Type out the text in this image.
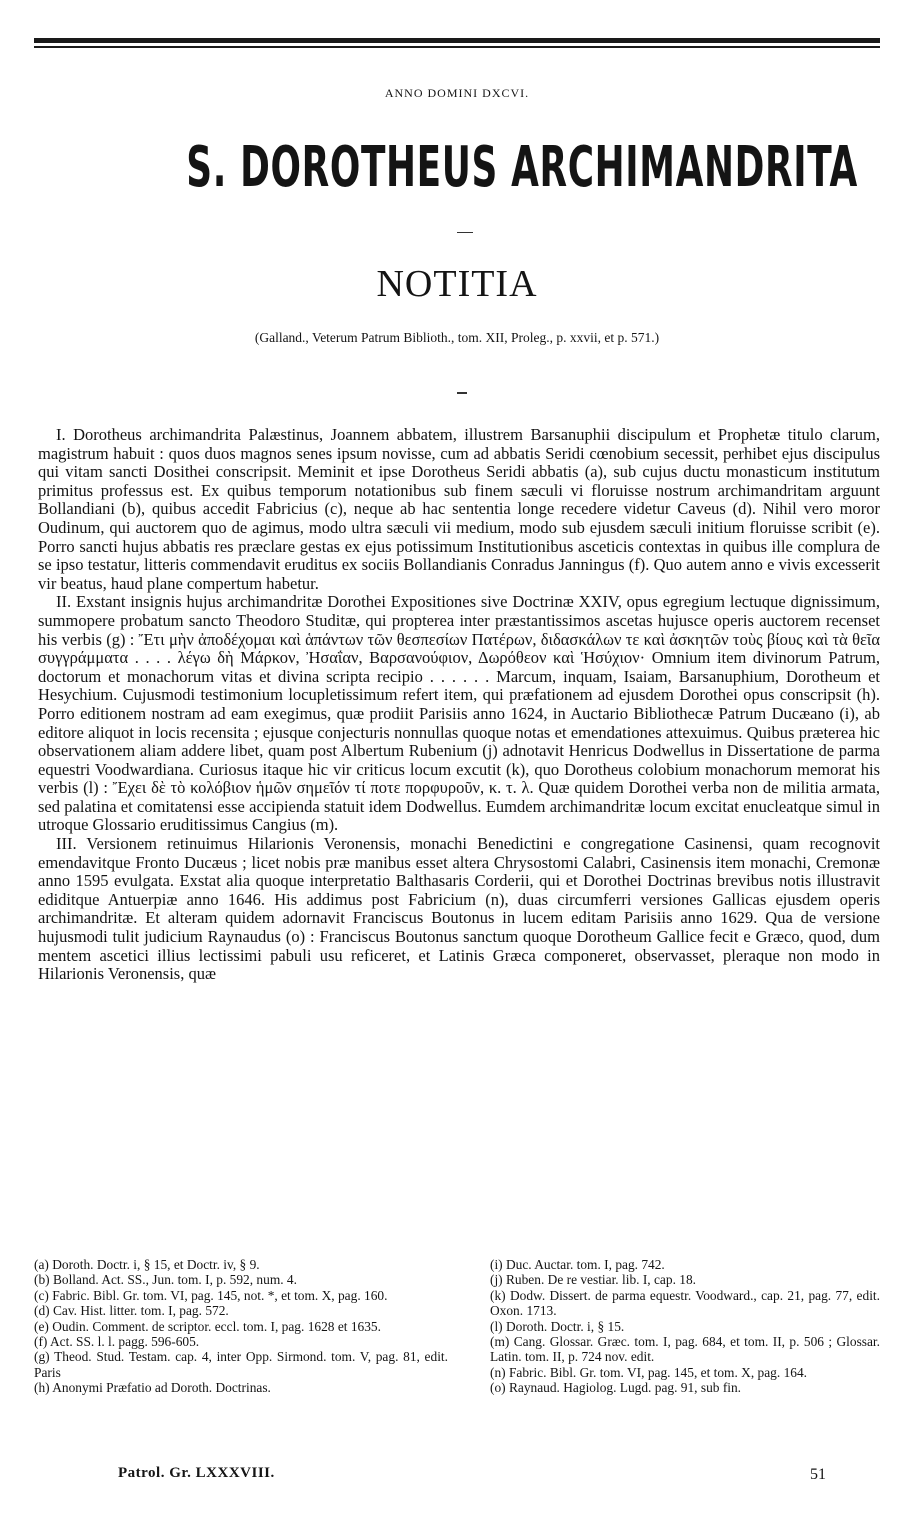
ANNO DOMINI DXCVI.
S. DOROTHEUS ARCHIMANDRITA
NOTITIA
(Galland., Veterum Patrum Biblioth., tom. XII, Proleg., p. xxvii, et p. 571.)

I. Dorotheus archimandrita Palæstinus, Joannem abbatem, illustrem Barsanuphii discipulum et Prophetæ titulo clarum, magistrum habuit : quos duos magnos senes ipsum novisse, cum ad abbatis Seridi cœnobium secessit, perhibet ejus discipulus qui vitam sancti Dosithei conscripsit. Meminit et ipse Dorotheus Seridi abbatis (a), sub cujus ductu monasticum institutum primitus professus est. Ex quibus temporum notationibus sub finem sæculi vi floruisse nostrum archimandritam arguunt Bollandiani (b), quibus accedit Fabricius (c), neque ab hac sententia longe recedere videtur Caveus (d). Nihil vero moror Oudinum, qui auctorem quo de agimus, modo ultra sæculi vii medium, modo sub ejusdem sæculi initium floruisse scribit (e). Porro sancti hujus abbatis res præclare gestas ex ejus potissimum Institutionibus asceticis contextas in quibus ille complura de se ipso testatur, litteris commendavit eruditus ex sociis Bollandianis Conradus Janningus (f). Quo autem anno e vivis excesserit vir beatus, haud plane compertum habetur.

II. Exstant insignis hujus archimandritæ Dorothei Expositiones sive Doctrinæ XXIV, opus egregium lectuque dignissimum, summopere probatum sancto Theodoro Studitæ, qui propterea inter præstantissimos ascetas hujusce operis auctorem recenset his verbis (g) : Ἔτι μὴν ἀποδέχομαι καὶ ἁπάντων τῶν θεσπεσίων Πατέρων, διδασκάλων τε καὶ ἀσκητῶν τοὺς βίους καὶ τὰ θεῖα συγγράμματα . . . . λέγω δὴ Μάρκον, Ἠσαΐαν, Βαρσανούφιον, Δωρόθεον καὶ Ἡσύχιον· Omnium item divinorum Patrum, doctorum et monachorum vitas et divina scripta recipio . . . . . . Marcum, inquam, Isaiam, Barsanuphium, Dorotheum et Hesychium. Cujusmodi testimonium locupletissimum refert item, qui præfationem ad ejusdem Dorothei opus conscripsit (h). Porro editionem nostram ad eam exegimus, quæ prodiit Parisiis anno 1624, in Auctario Bibliothecæ Patrum Ducæano (i), ab editore aliquot in locis recensita ; ejusque conjecturis nonnullas quoque notas et emendationes attexuimus. Quibus præterea hic observationem aliam addere libet, quam post Albertum Rubenium (j) adnotavit Henricus Dodwellus in Dissertatione de parma equestri Voodwardiana. Curiosus itaque hic vir criticus locum excutit (k), quo Dorotheus colobium monachorum memorat his verbis (l) : Ἔχει δὲ τὸ κολόβιον ἡμῶν σημεῖόν τί ποτε πορφυροῦν, κ. τ. λ. Quæ quidem Dorothei verba non de militia armata, sed palatina et comitatensi esse accipienda statuit idem Dodwellus. Eumdem archimandritæ locum excitat enucleatque simul in utroque Glossario eruditissimus Cangius (m).

III. Versionem retinuimus Hilarionis Veronensis, monachi Benedictini e congregatione Casinensi, quam recognovit emendavitque Fronto Ducæus ; licet nobis præ manibus esset altera Chrysostomi Calabri, Casinensis item monachi, Cremonæ anno 1595 evulgata. Exstat alia quoque interpretatio Balthasaris Corderii, qui et Dorothei Doctrinas brevibus notis illustravit ediditque Antuerpiæ anno 1646. His addimus post Fabricium (n), duas circumferri versiones Gallicas ejusdem operis archimandritæ. Et alteram quidem adornavit Franciscus Boutonus in lucem editam Parisiis anno 1629. Qua de versione hujusmodi tulit judicium Raynaudus (o) : Franciscus Boutonus sanctum quoque Dorotheum Gallice fecit e Græco, quod, dum mentem ascetici illius lectissimi pabuli usu reficeret, et Latinis Græca componeret, observasset, pleraque non modo in Hilarionis Veronensis, quæ

(a) Doroth. Doctr. i, § 15, et Doctr. iv, § 9.

(b) Bolland. Act. SS., Jun. tom. I, p. 592, num. 4.

(c) Fabric. Bibl. Gr. tom. VI, pag. 145, not. *, et tom. X, pag. 160.

(d) Cav. Hist. litter. tom. I, pag. 572.

(e) Oudin. Comment. de scriptor. eccl. tom. I, pag. 1628 et 1635.

(f) Act. SS. l. l. pagg. 596-605.

(g) Theod. Stud. Testam. cap. 4, inter Opp. Sirmond. tom. V, pag. 81, edit. Paris

(h) Anonymi Præfatio ad Doroth. Doctrinas.

(i) Duc. Auctar. tom. I, pag. 742.

(j) Ruben. De re vestiar. lib. I, cap. 18.

(k) Dodw. Dissert. de parma equestr. Voodward., cap. 21, pag. 77, edit. Oxon. 1713.

(l) Doroth. Doctr. i, § 15.

(m) Cang. Glossar. Græc. tom. I, pag. 684, et tom. II, p. 506 ; Glossar. Latin. tom. II, p. 724 nov. edit.

(n) Fabric. Bibl. Gr. tom. VI, pag. 145, et tom. X, pag. 164.

(o) Raynaud. Hagiolog. Lugd. pag. 91, sub fin.

Patrol. Gr. LXXXVIII.	51
